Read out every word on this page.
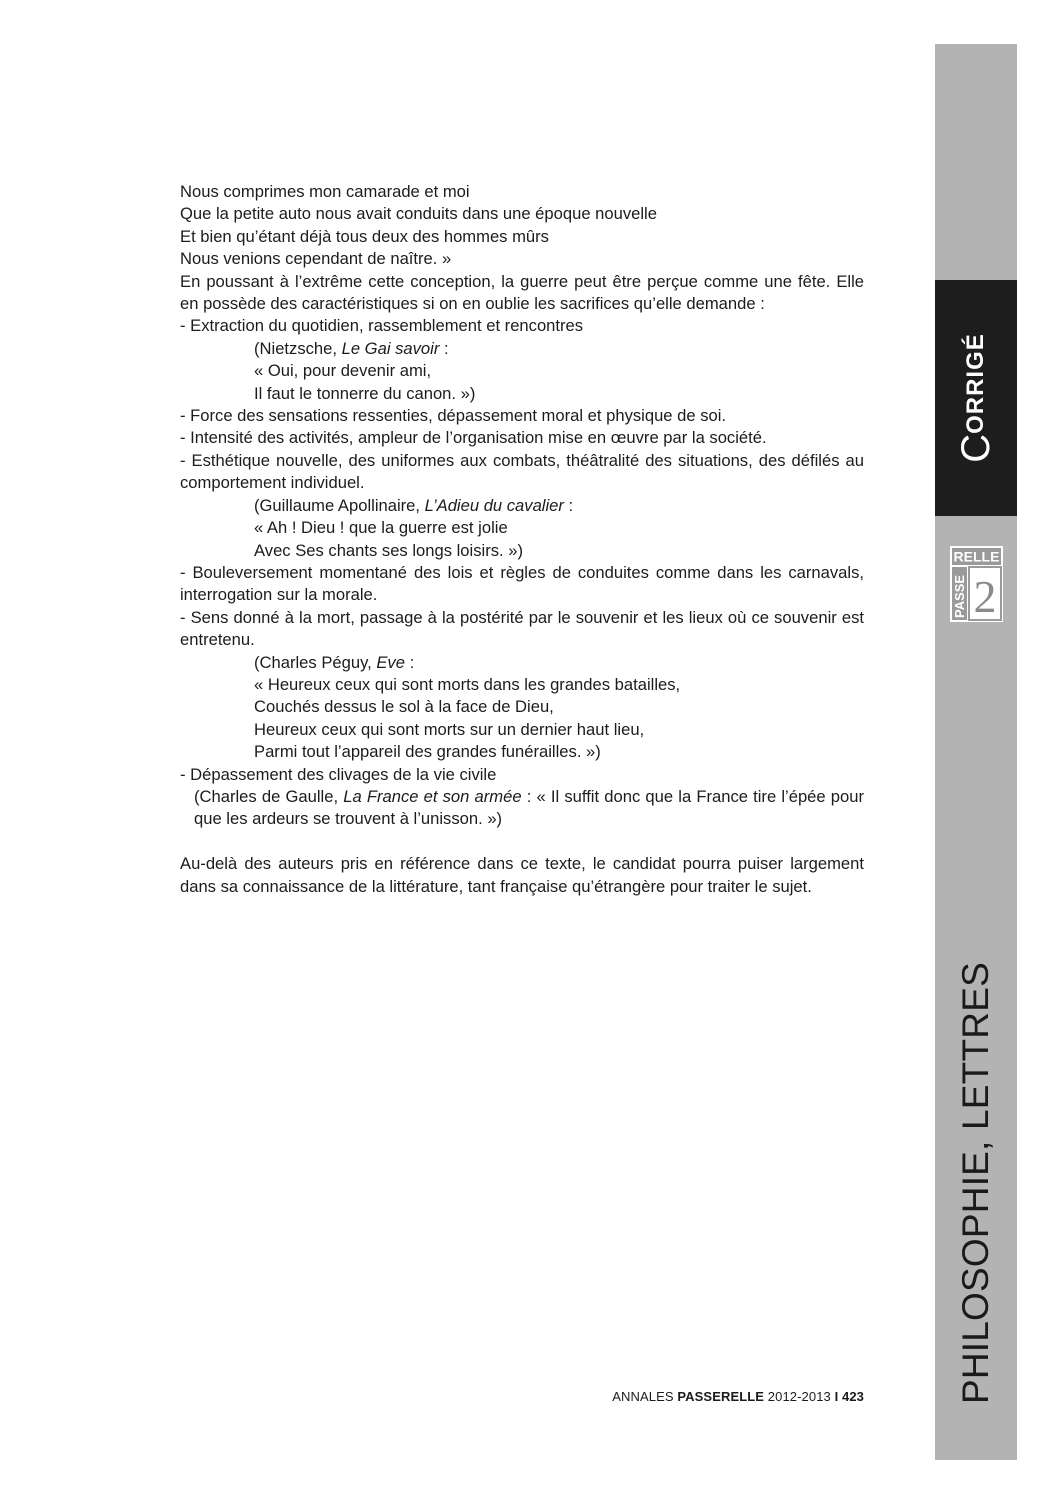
Nous comprimes mon camarade et moi
Que la petite auto nous avait conduits dans une époque nouvelle
Et bien qu’étant déjà tous deux des hommes mûrs
Nous venions cependant de naître. »
En poussant à l’extrême cette conception, la guerre peut être perçue comme une fête. Elle en possède des caractéristiques si on en oublie les sacrifices qu’elle demande :
- Extraction du quotidien, rassemblement et rencontres
(Nietzsche, Le Gai savoir :
« Oui, pour devenir ami,
Il faut le tonnerre du canon. »)
- Force des sensations ressenties, dépassement moral et physique de soi.
- Intensité des activités, ampleur de l’organisation mise en œuvre par la société.
- Esthétique nouvelle, des uniformes aux combats, théâtralité des situations, des défilés au comportement individuel.
(Guillaume Apollinaire, L’Adieu du cavalier :
« Ah ! Dieu ! que la guerre est jolie
Avec Ses chants ses longs loisirs. »)
- Bouleversement momentané des lois et règles de conduites comme dans les carnavals, interrogation sur la morale.
- Sens donné à la mort, passage à la postérité par le souvenir et les lieux où ce souvenir est entretenu.
(Charles Péguy, Eve :
« Heureux ceux qui sont morts dans les grandes batailles,
Couchés dessus le sol à la face de Dieu,
Heureux ceux qui sont morts sur un dernier haut lieu,
Parmi tout l’appareil des grandes funérailles. »)
- Dépassement des clivages de la vie civile
(Charles de Gaulle, La France et son armée : « Il suffit donc que la France tire l’épée pour que les ardeurs se trouvent à l’unisson. »)
Au-delà des auteurs pris en référence dans ce texte, le candidat pourra puiser largement dans sa connaissance de la littérature, tant française qu’étrangère pour traiter le sujet.
ANNALES PASSERELLE 2012-2013 I 423
C
ORRIGÉ
RELLE
PASSE 2
PHILOSOPHIE, LETTRES
